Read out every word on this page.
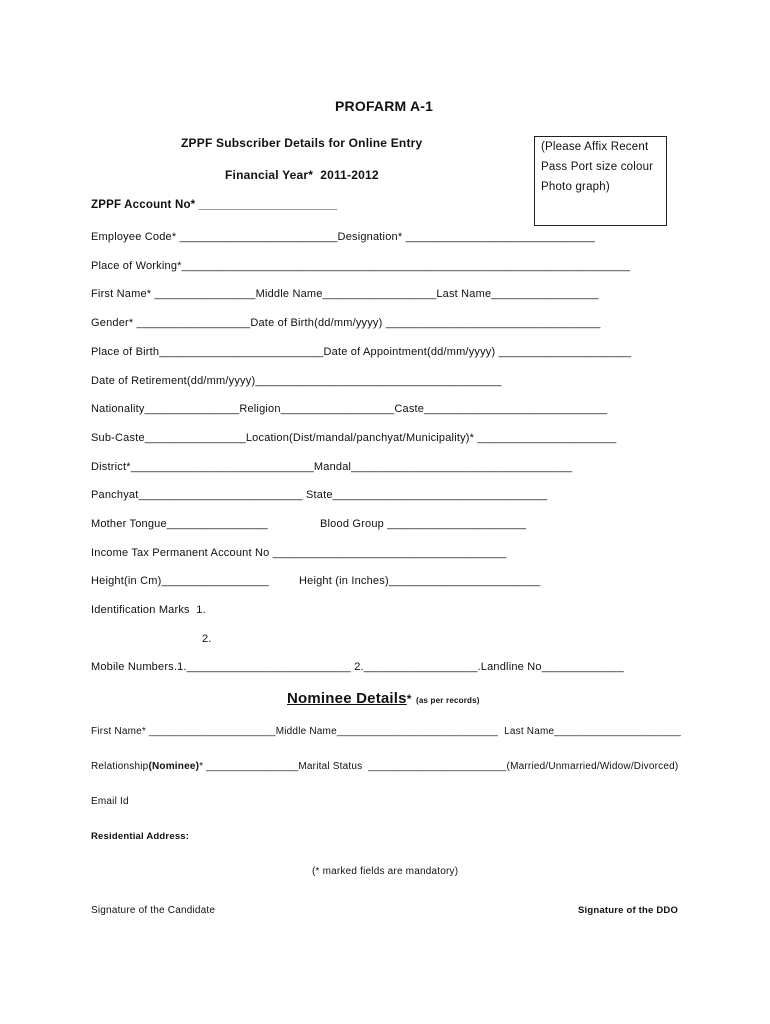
PROFARM A-1
ZPPF Subscriber Details for Online Entry
Financial Year*  2011-2012
ZPPF Account No* _____________________
(Please Affix Recent
Pass Port size colour
Photo graph)
Employee Code* _________________________Designation* ______________________________
Place of Working*_______________________________________________________________________
First Name* ________________Middle Name__________________Last Name_________________
Gender* __________________Date of Birth(dd/mm/yyyy) __________________________________
Place of Birth__________________________Date of Appointment(dd/mm/yyyy) _____________________
Date of Retirement(dd/mm/yyyy)_______________________________________
Nationality_______________Religion__________________Caste_____________________________
Sub-Caste________________Location(Dist/mandal/panchyat/Municipality)* ______________________
District*_____________________________Mandal___________________________________
Panchyat__________________________ State__________________________________
Mother Tongue________________	Blood Group ______________________
Income Tax Permanent Account No _____________________________________
Height(in Cm)_________________	Height (in Inches)________________________
Identification Marks  1.
2.
Mobile Numbers.1.__________________________ 2.__________________.Landline No_____________
Nominee Details* (as per records)
First Name* ______________________Middle Name____________________________  Last Name______________________
Relationship(Nominee)* ________________Marital Status  ________________________(Married/Unmarried/Widow/Divorced)
Email Id
Residential Address:
(* marked fields are mandatory)
Signature of the Candidate	Signature of the DDO
